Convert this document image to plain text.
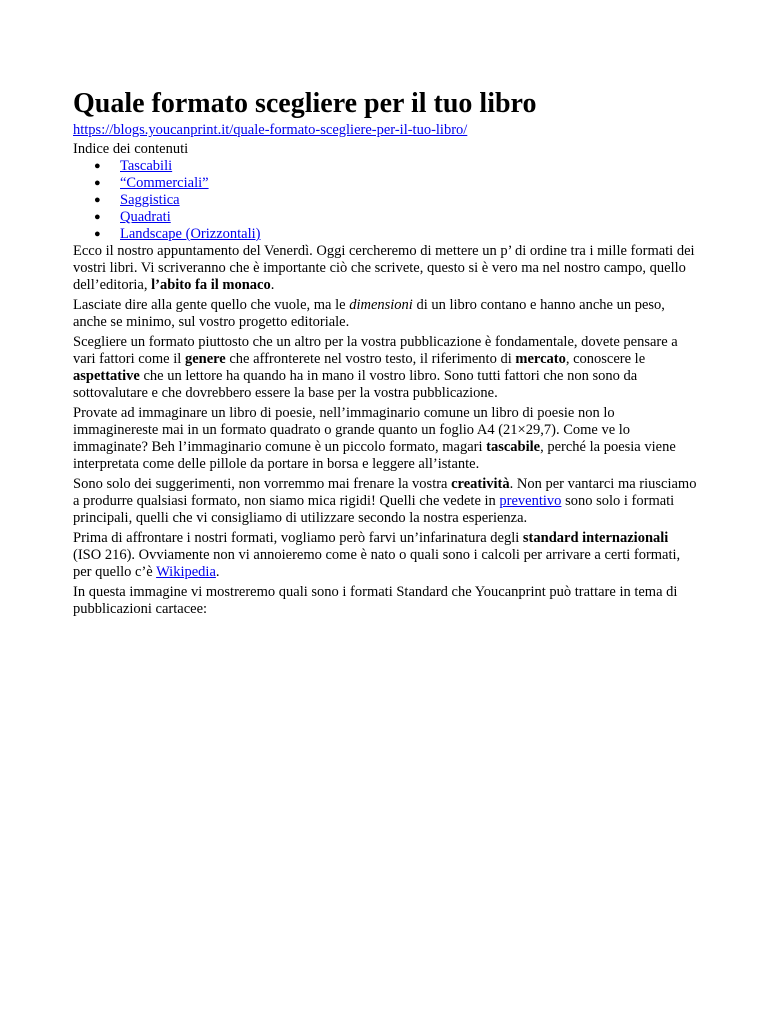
Quale formato scegliere per il tuo libro
https://blogs.youcanprint.it/quale-formato-scegliere-per-il-tuo-libro/
Indice dei contenuti
● Tascabili
● “Commerciali”
● Saggistica
● Quadrati
● Landscape (Orizzontali)

Ecco il nostro appuntamento del Venerdì. Oggi cercheremo di mettere un p’ di ordine tra i mille formati dei vostri libri. Vi scriveranno che è importante ciò che scrivete, questo si è vero ma nel nostro campo, quello dell’editoria, l’abito fa il monaco.

Lasciate dire alla gente quello che vuole, ma le dimensioni di un libro contano e hanno anche un peso, anche se minimo, sul vostro progetto editoriale.

Scegliere un formato piuttosto che un altro per la vostra pubblicazione è fondamentale, dovete pensare a vari fattori come il genere che affronterete nel vostro testo, il riferimento di mercato, conoscere le aspettative che un lettore ha quando ha in mano il vostro libro. Sono tutti fattori che non sono da sottovalutare e che dovrebbero essere la base per la vostra pubblicazione.

Provate ad immaginare un libro di poesie, nell’immaginario comune un libro di poesie non lo immaginereste mai in un formato quadrato o grande quanto un foglio A4 (21×29,7). Come ve lo immaginate? Beh l’immaginario comune è un piccolo formato, magari tascabile, perché la poesia viene interpretata come delle pillole da portare in borsa e leggere all’istante.

Sono solo dei suggerimenti, non vorremmo mai frenare la vostra creatività. Non per vantarci ma riusciamo a produrre qualsiasi formato, non siamo mica rigidi! Quelli che vedete in preventivo sono solo i formati principali, quelli che vi consigliamo di utilizzare secondo la nostra esperienza.

Prima di affrontare i nostri formati, vogliamo però farvi un’infarinatura degli standard internazionali (ISO 216). Ovviamente non vi annoieremo come è nato o quali sono i calcoli per arrivare a certi formati, per quello c’è Wikipedia.

In questa immagine vi mostreremo quali sono i formati Standard che Youcanprint può trattare in tema di pubblicazioni cartacee:
